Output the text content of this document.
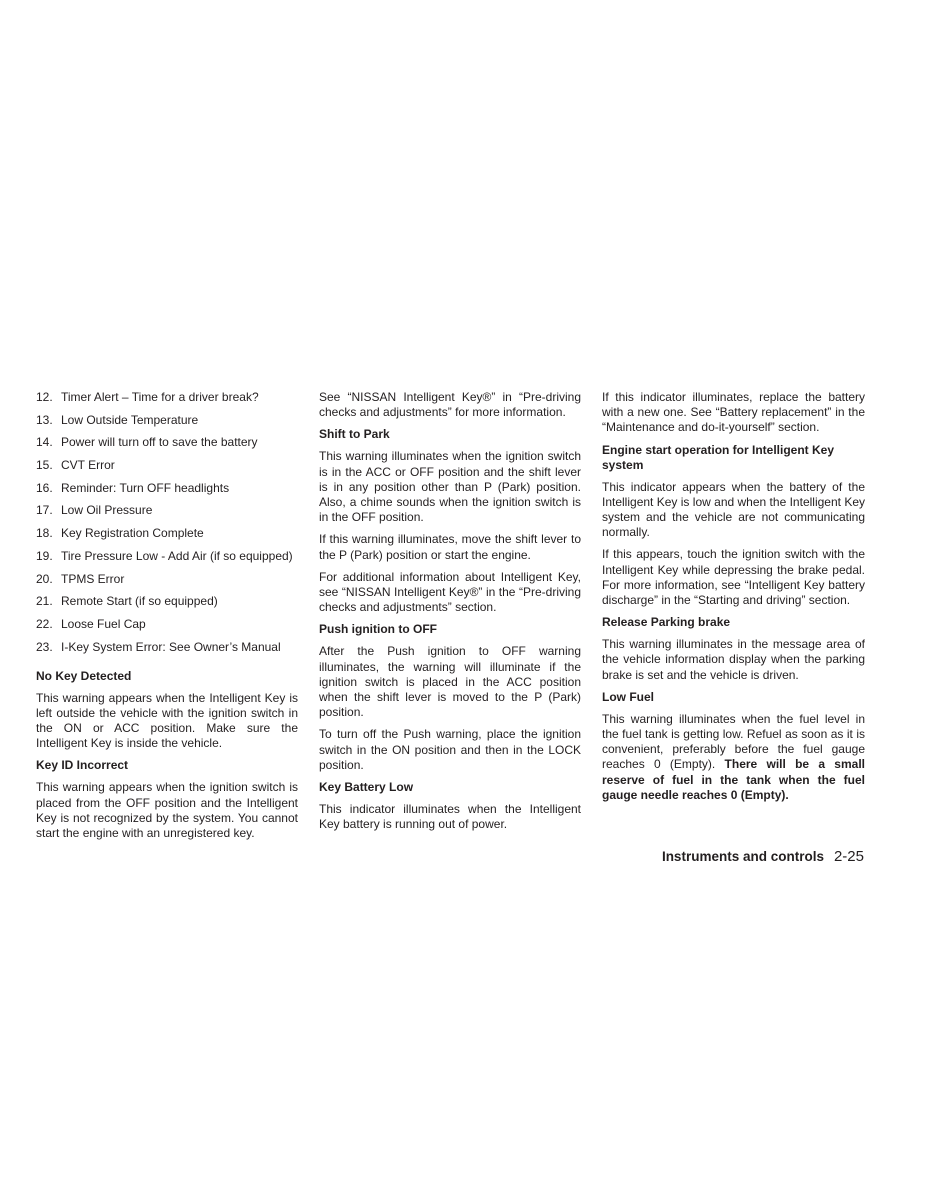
12. Timer Alert – Time for a driver break?
13. Low Outside Temperature
14. Power will turn off to save the battery
15. CVT Error
16. Reminder: Turn OFF headlights
17. Low Oil Pressure
18. Key Registration Complete
19. Tire Pressure Low - Add Air (if so equipped)
20. TPMS Error
21. Remote Start (if so equipped)
22. Loose Fuel Cap
23. I-Key System Error: See Owner’s Manual
No Key Detected

This warning appears when the Intelligent Key is left outside the vehicle with the ignition switch in the ON or ACC position. Make sure the Intelligent Key is inside the vehicle.

Key ID Incorrect

This warning appears when the ignition switch is placed from the OFF position and the Intelligent Key is not recognized by the system. You cannot start the engine with an unregistered key.

See “NISSAN Intelligent Key®” in “Pre-driving checks and adjustments” for more information.

Shift to Park

This warning illuminates when the ignition switch is in the ACC or OFF position and the shift lever is in any position other than P (Park) position. Also, a chime sounds when the ignition switch is in the OFF position.

If this warning illuminates, move the shift lever to the P (Park) position or start the engine.

For additional information about Intelligent Key, see “NISSAN Intelligent Key®” in the “Pre-driving checks and adjustments” section.

Push ignition to OFF

After the Push ignition to OFF warning illuminates, the warning will illuminate if the ignition switch is placed in the ACC position when the shift lever is moved to the P (Park) position.

To turn off the Push warning, place the ignition switch in the ON position and then in the LOCK position.

Key Battery Low

This indicator illuminates when the Intelligent Key battery is running out of power.

If this indicator illuminates, replace the battery with a new one. See “Battery replacement” in the “Maintenance and do-it-yourself” section.

Engine start operation for Intelligent Key system

This indicator appears when the battery of the Intelligent Key is low and when the Intelligent Key system and the vehicle are not communicating normally.

If this appears, touch the ignition switch with the Intelligent Key while depressing the brake pedal. For more information, see “Intelligent Key battery discharge” in the “Starting and driving” section.

Release Parking brake

This warning illuminates in the message area of the vehicle information display when the parking brake is set and the vehicle is driven.

Low Fuel

This warning illuminates when the fuel level in the fuel tank is getting low. Refuel as soon as it is convenient, preferably before the fuel gauge reaches 0 (Empty). There will be a small reserve of fuel in the tank when the fuel gauge needle reaches 0 (Empty).

Instruments and controls 2-25
